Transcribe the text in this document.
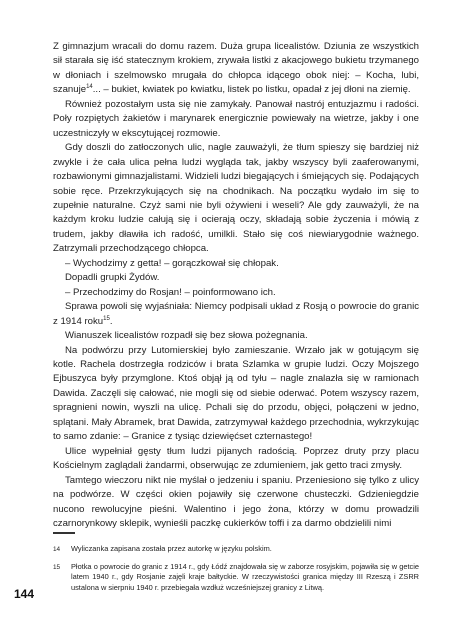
Z gimnazjum wracali do domu razem. Duża grupa licealistów. Dziunia ze wszystkich sił starała się iść statecznym krokiem, zrywała listki z akacjowego bukietu trzymanego w dłoniach i szelmowsko mrugała do chłopca idącego obok niej: – Kocha, lubi, szanuje$^{14}$... – bukiet, kwiatek po kwiatku, listek po listku, opadał z jej dłoni na ziemię.

Również pozostałym usta się nie zamykały. Panował nastrój entuzjazmu i radości. Poły rozpiętych żakietów i marynarek energicznie powiewały na wietrze, jakby i one uczestniczyły w ekscytującej rozmowie.

Gdy doszli do zatłoczonych ulic, nagle zauważyli, że tłum spieszy się bardziej niż zwykle i że cała ulica pełna ludzi wygląda tak, jakby wszyscy byli zaaferowanymi, rozbawionymi gimnazjalistami. Widzieli ludzi biegających i śmiejących się. Podających sobie ręce. Przekrzykujących się na chodnikach. Na początku wydało im się to zupełnie naturalne. Czyż sami nie byli ożywieni i weseli? Ale gdy zauważyli, że na każdym kroku ludzie całują się i ocierają oczy, składają sobie życzenia i mówią z trudem, jakby dławiła ich radość, umilkli. Stało się coś niewiarygodnie ważnego. Zatrzymali przechodzącego chłopca.

– Wychodzimy z getta! – gorączkował się chłopak.

Dopadli grupki Żydów.

– Przechodzimy do Rosjan! – poinformowano ich.

Sprawa powoli się wyjaśniała: Niemcy podpisali układ z Rosją o powrocie do granic z 1914 roku$^{15}$.

Wianuszek licealistów rozpadł się bez słowa pożegnania.

Na podwórzu przy Lutomierskiej było zamieszanie. Wrzało jak w gotującym się kotle. Rachela dostrzegła rodziców i brata Szlamka w grupie ludzi. Oczy Mojszego Ejbuszyca były przymglone. Ktoś objął ją od tyłu – nagle znalazła się w ramionach Dawida. Zaczęli się całować, nie mogli się od siebie oderwać. Potem wszyscy razem, spragnieni nowin, wyszli na ulicę. Pchali się do przodu, objęci, połączeni w jedno, splątani. Mały Abramek, brat Dawida, zatrzymywał każdego przechodnia, wykrzykując to samo zdanie: – Granice z tysiąc dziewięćset czternastego!

Ulice wypełniał gęsty tłum ludzi pijanych radością. Poprzez druty przy placu Kościelnym zaglądali żandarmi, obserwując ze zdumieniem, jak getto traci zmysły.

Tamtego wieczoru nikt nie myślał o jedzeniu i spaniu. Przeniesiono się tylko z ulicy na podwórze. W części okien pojawiły się czerwone chusteczki. Gdzieniegdzie nucono rewolucyjne pieśni. Walentino i jego żona, którzy w domu prowadzili czarnorynkowy sklepik, wynieśli paczkę cukierków toffi i za darmo obdzielili nimi

14	Wyliczanka zapisana została przez autorkę w języku polskim.
15	Płotka o powrocie do granic z 1914 r., gdy Łódź znajdowała się w zaborze rosyjskim, pojawiła się w getcie latem 1940 r., gdy Rosjanie zajęli kraje bałtyckie. W rzeczywistości granica między III Rzeszą i ZSRR ustalona w sierpniu 1940 r. przebiegała wzdłuż wcześniejszej granicy z Litwą.
144
